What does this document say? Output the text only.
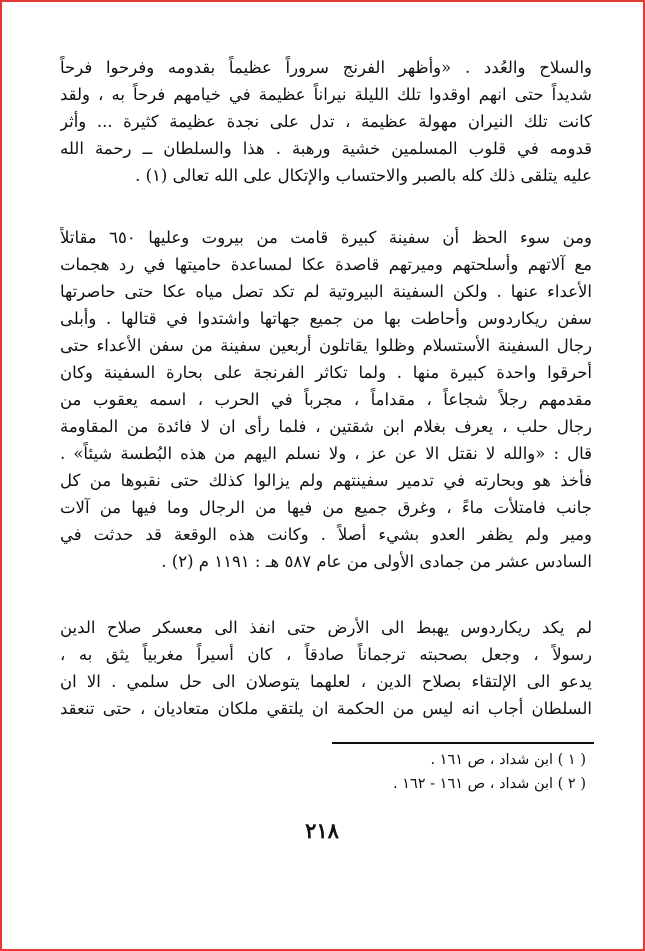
والسلاح والعُدد . «وأظهر الفرنج سروراً عظيماً بقدومه وفرحوا فرحاً
شديداً حتى انهم اوقدوا تلك الليلة نيراناً عظيمة في خيامهم فرحاً به ، ولقد
كانت تلك النيران مهولة عظيمة ، تدل على نجدة عظيمة كثيرة ... وأثر
قدومه في قلوب المسلمين خشية ورهبة . هذا والسلطان ــ رحمة الله
عليه يتلقى ذلك كله بالصبر والاحتساب والإتكال على الله تعالى (١) .
ومن سوء الحظ أن سفينة كبيرة قامت من بيروت وعليها ٦٥٠ مقاتلاً
مع آلاتهم وأسلحتهم وميرتهم قاصدة عكا لمساعدة حاميتها في رد هجمات
الأعداء عنها . ولكن السفينة البيروتية لم تكد تصل مياه عكا حتى حاصرتها
سفن ريكاردوس وأحاطت بها من جميع جهاتها واشتدوا في قتالها . وأبلى
رجال السفينة الأستسلام وظلوا يقاتلون أربعين سفينة من سفن الأعداء حتى
أحرقوا واحدة كبيرة منها . ولما تكاثر الفرنجة على بحارة السفينة وكان
مقدمهم رجلاً شجاعاً ، مقداماً ، مجرباً في الحرب ، اسمه يعقوب من
رجال حلب ، يعرف بغلام ابن شقتين ، فلما رأى ان لا فائدة من المقاومة
قال : «والله لا نقتل الا عن عز ، ولا نسلم اليهم من هذه البُطسة شيئاً» .
فأخذ هو وبحارته في تدمير سفينتهم ولم يزالوا كذلك حتى نقبوها من كل
جانب فامتلأت ماءً ، وغرق جميع من فيها من الرجال وما فيها من آلات
ومير ولم يظفر العدو بشيء أصلاً . وكانت هذه الوقعة قد حدثت في
السادس عشر من جمادى الأولى من عام ٥٨٧ هـ : ١١٩١ م (٢) .
لم يكد ريكاردوس يهبط الى الأرض حتى انفذ الى معسكر صلاح الدين
رسولاً ، وجعل بصحبته ترجماناً صادقاً ، كان أسيراً مغربياً يثق به ،
يدعو الى الإلتقاء بصلاح الدين ، لعلهما يتوصلان الى حل سلمي . الا ان
السلطان أجاب انه ليس من الحكمة ان يلتقي ملكان متعاديان ، حتى تنعقد
( ١ ) ابن شداد ، ص ١٦١ .
( ٢ ) ابن شداد ، ص ١٦١ - ١٦٢ .
٢١٨
